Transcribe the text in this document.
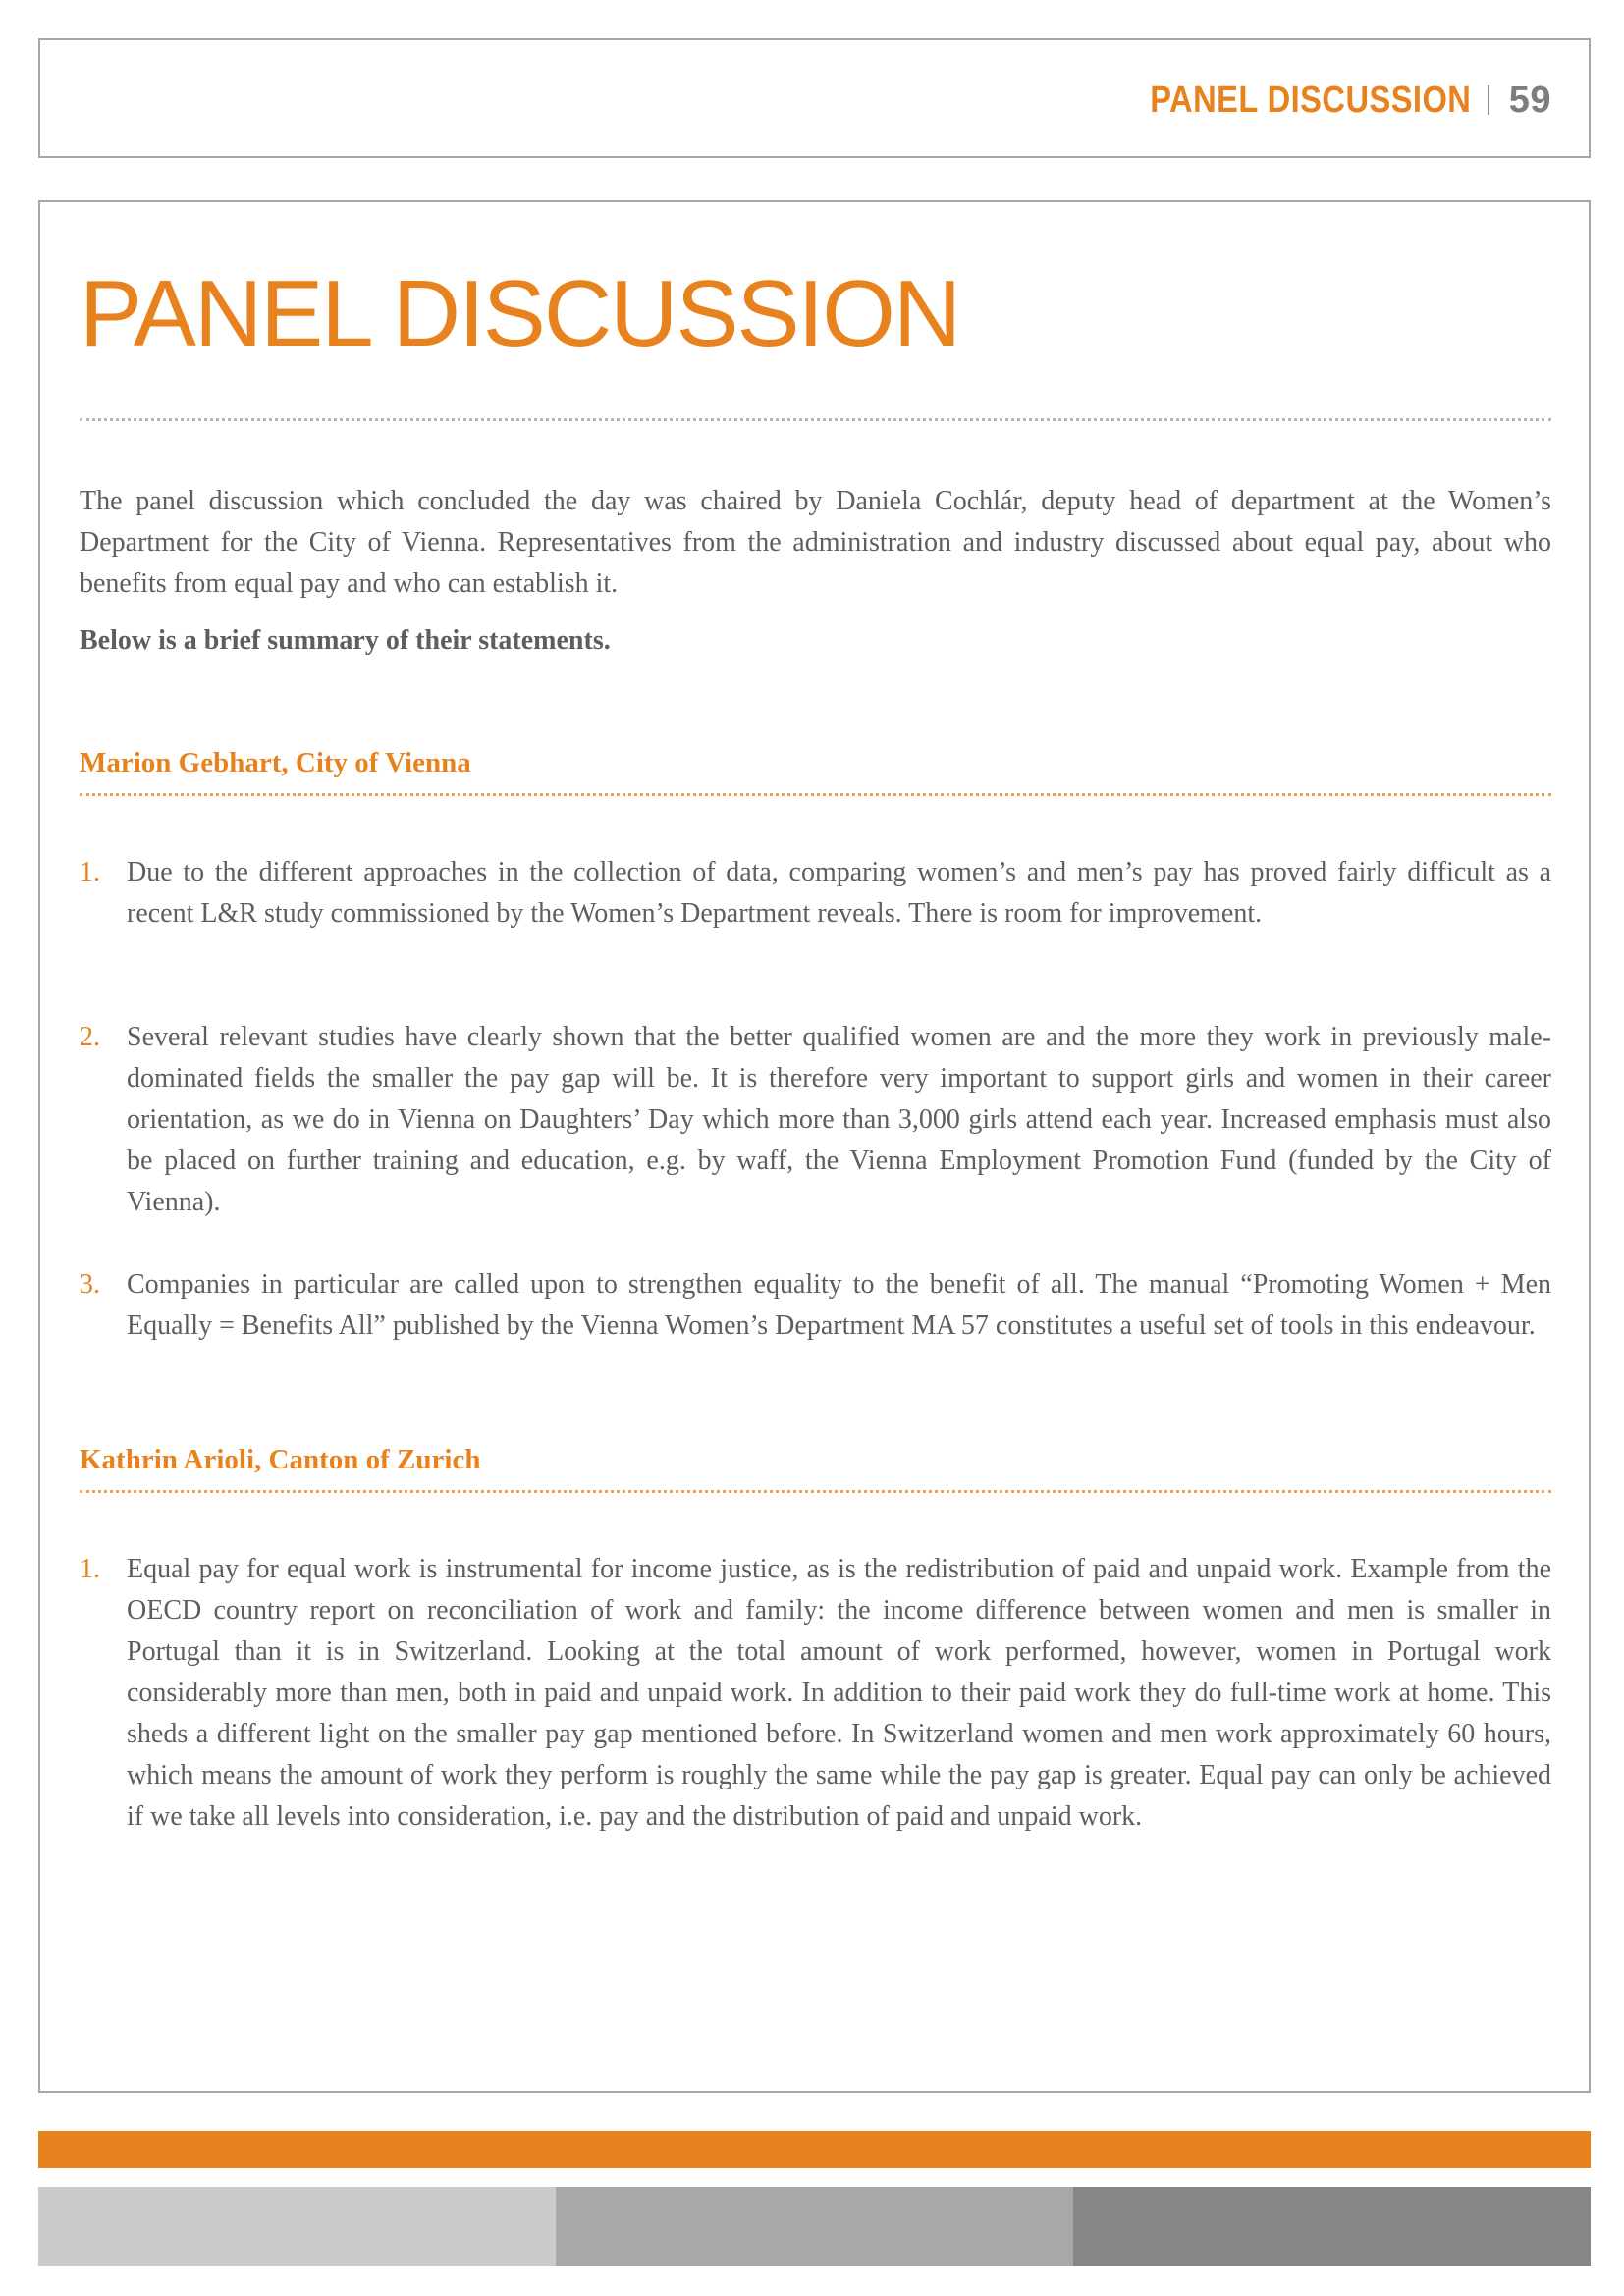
PANEL DISCUSSION 59
PANEL DISCUSSION

The panel discussion which concluded the day was chaired by Daniela Cochlár, deputy head of department at the Women’s Department for the City of Vienna. Representatives from the administration and industry discussed about equal pay, about who benefits from equal pay and who can establish it.

Below is a brief summary of their statements.

Marion Gebhart, City of Vienna

1. Due to the different approaches in the collection of data, comparing women’s and men’s pay has proved fairly difficult as a recent L&R study commissioned by the Women’s Department reveals. There is room for improvement.
2. Several relevant studies have clearly shown that the better qualified women are and the more they work in previously male-dominated fields the smaller the pay gap will be. It is therefore very important to support girls and women in their career orientation, as we do in Vienna on Daughters’ Day which more than 3,000 girls attend each year. Increased emphasis must also be placed on further training and education, e.g. by waff, the Vienna Employment Promotion Fund (funded by the City of Vienna).
3. Companies in particular are called upon to strengthen equality to the benefit of all. The manual “Promoting Women + Men Equally = Benefits All” published by the Vienna Women’s Department MA 57 constitutes a useful set of tools in this endeavour.

Kathrin Arioli, Canton of Zurich

1. Equal pay for equal work is instrumental for income justice, as is the redistribution of paid and unpaid work. Example from the OECD country report on reconciliation of work and family: the income difference between women and men is smaller in Portugal than it is in Switzerland. Looking at the total amount of work performed, however, women in Portugal work considerably more than men, both in paid and unpaid work. In addition to their paid work they do full-time work at home. This sheds a different light on the smaller pay gap mentioned before. In Switzerland women and men work approximately 60 hours, which means the amount of work they perform is roughly the same while the pay gap is greater. Equal pay can only be achieved if we take all levels into consideration, i.e. pay and the distribution of paid and unpaid work.
